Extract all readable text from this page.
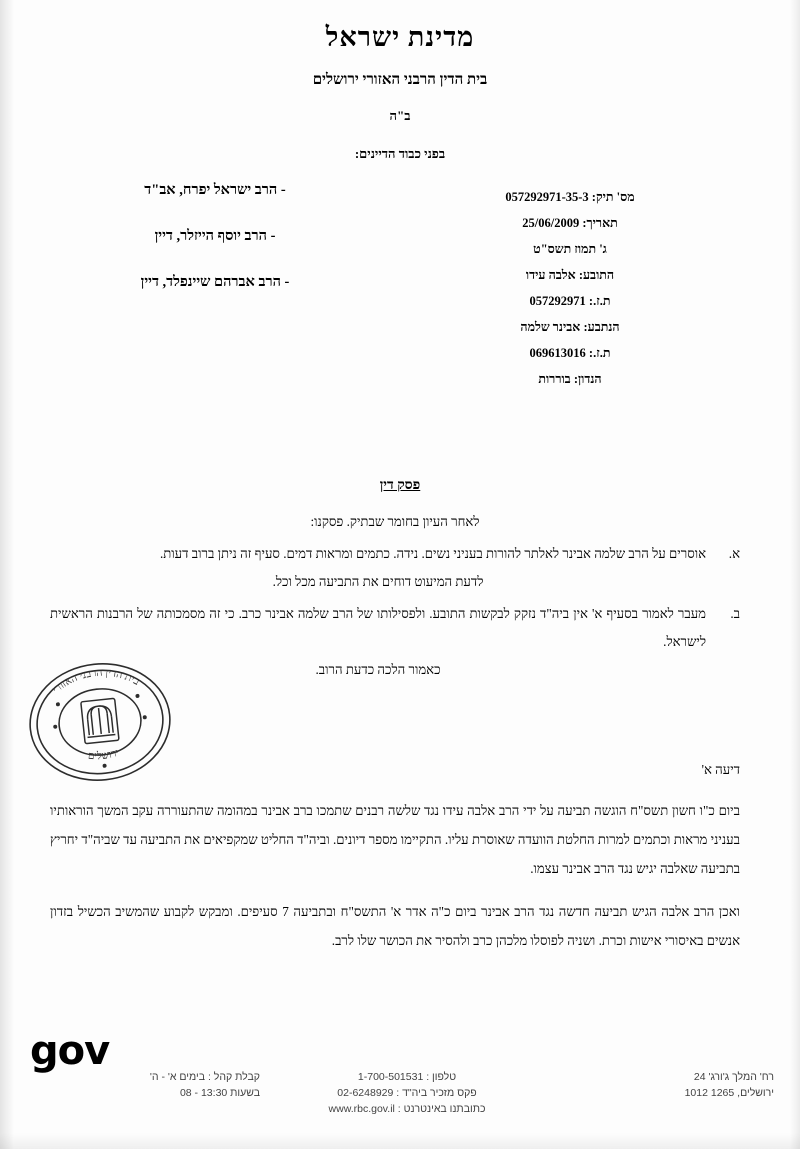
מדינת ישראל
בית הדין הרבני האזורי ירושלים
ב"ה
בפני כבוד הדיינים:
- הרב ישראל יפרח, אב"ד
- הרב יוסף הייזלר, דיין
- הרב אברהם שיינפלד, דיין
מס' תיק: 057292971-35-3
תאריך: 25/06/2009
ג' תמוז תשס"ט
התובע: אלבה עידו
ת.ז.: 057292971
הנתבע: אבינר שלמה
ת.ז.: 069613016
הנדון: בוררות
פסק דין
לאחר העיון בחומר שבתיק. פסקנו:
א.

אוסרים על הרב שלמה אבינר לאלתר להורות בעניני נשים. נידה. כתמים ומראות דמים. סעיף זה ניתן ברוב דעות.

לדעת המיעוט דוחים את התביעה מכל וכל.

ב.

מעבר לאמור בסעיף א' אין ביה"ד נזקק לבקשות התובע. ולפסילותו של הרב שלמה אבינר כרב. כי זה מסמכותה של הרבנות הראשית לישראל.

כאמור הלכה כדעת הרוב.

דיעה א'

ביום כ"ו חשון תשס"ח הוגשה תביעה על ידי הרב אלבה עידו נגד שלשה רבנים שתמכו ברב אבינר במהומה שהתעוררה עקב המשך הוראותיו בעניני מראות וכתמים למרות החלטת הוועדה שאוסרת עליו. התקיימו מספר דיונים. וביה"ד החליט שמקפיאים את התביעה עד שביה"ד יחריץ בתביעה שאלבה יגיש נגד הרב אבינר עצמו.

ואכן הרב אלבה הגיש תביעה חדשה נגד הרב אבינר ביום כ"ה אדר א' התשס"ח ובתביעה 7 סעיפים. ומבקש לקבוע שהמשיב הכשיל בזדון אנשים באיסורי אישות וכרת. ושניה לפוסלו מלכהן כרב ולהסיר את הכושר שלו לרב.

בית הדין הרבני האזורי
ירושלים
gov
רח' המלך ג'ורג' 24
ירושלים, 1265 1012
טלפון : 1-700-501531
פקס מזכיר ביה"ד : 02-6248929
כתובתנו באינטרנט : www.rbc.gov.il
קבלת קהל : בימים א' - ה'
בשעות 13:30 - 08
